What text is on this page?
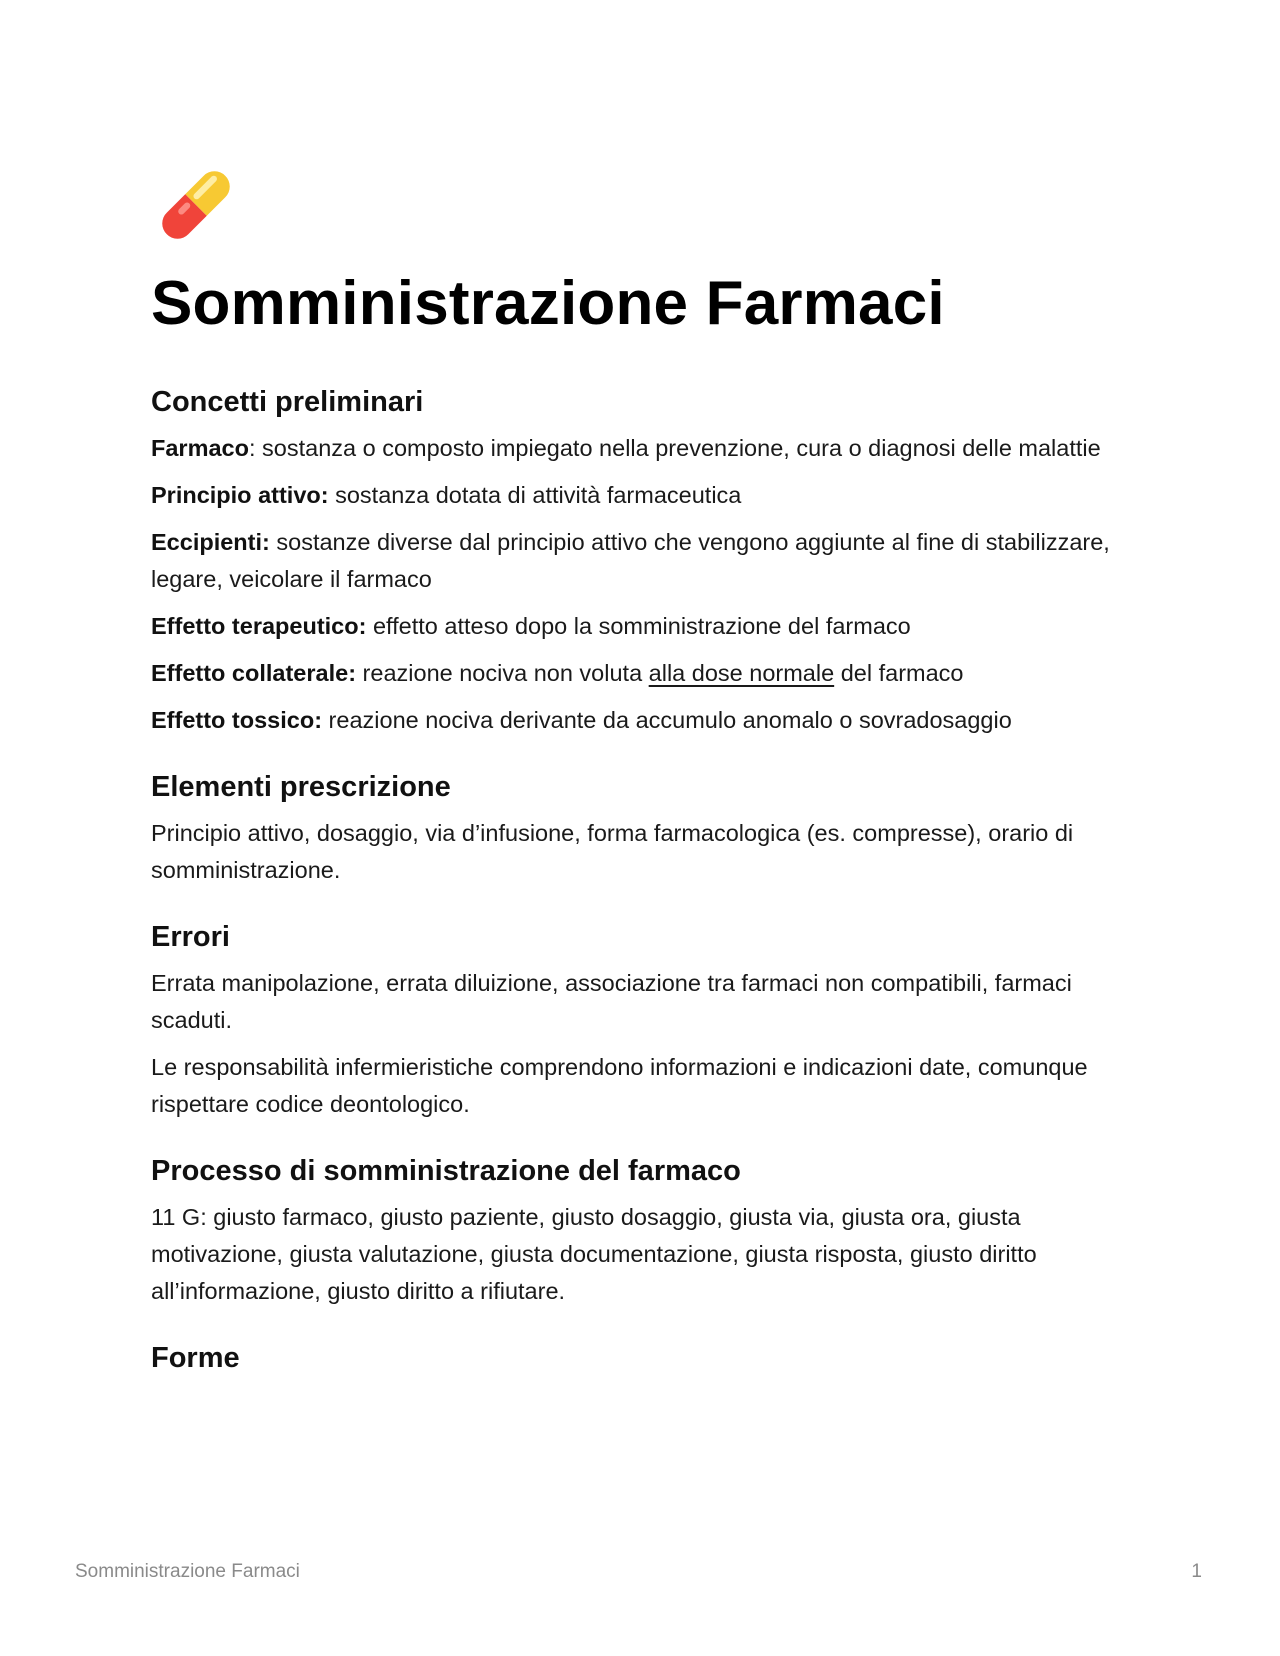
Somministrazione Farmaci
Concetti preliminari

Farmaco: sostanza o composto impiegato nella prevenzione, cura o diagnosi delle malattie

Principio attivo: sostanza dotata di attività farmaceutica

Eccipienti: sostanze diverse dal principio attivo che vengono aggiunte al fine di stabilizzare, legare, veicolare il farmaco

Effetto terapeutico: effetto atteso dopo la somministrazione del farmaco

Effetto collaterale: reazione nociva non voluta alla dose normale del farmaco

Effetto tossico: reazione nociva derivante da accumulo anomalo o sovradosaggio

Elementi prescrizione

Principio attivo, dosaggio, via d’infusione, forma farmacologica (es. compresse), orario di somministrazione.

Errori

Errata manipolazione, errata diluizione, associazione tra farmaci non compatibili, farmaci scaduti.

Le responsabilità infermieristiche comprendono informazioni e indicazioni date, comunque rispettare codice deontologico.

Processo di somministrazione del farmaco

11 G: giusto farmaco, giusto paziente, giusto dosaggio, giusta via, giusta ora, giusta motivazione, giusta valutazione, giusta documentazione, giusta risposta, giusto diritto all’informazione, giusto diritto a rifiutare.

Forme
Somministrazione Farmaci	1
